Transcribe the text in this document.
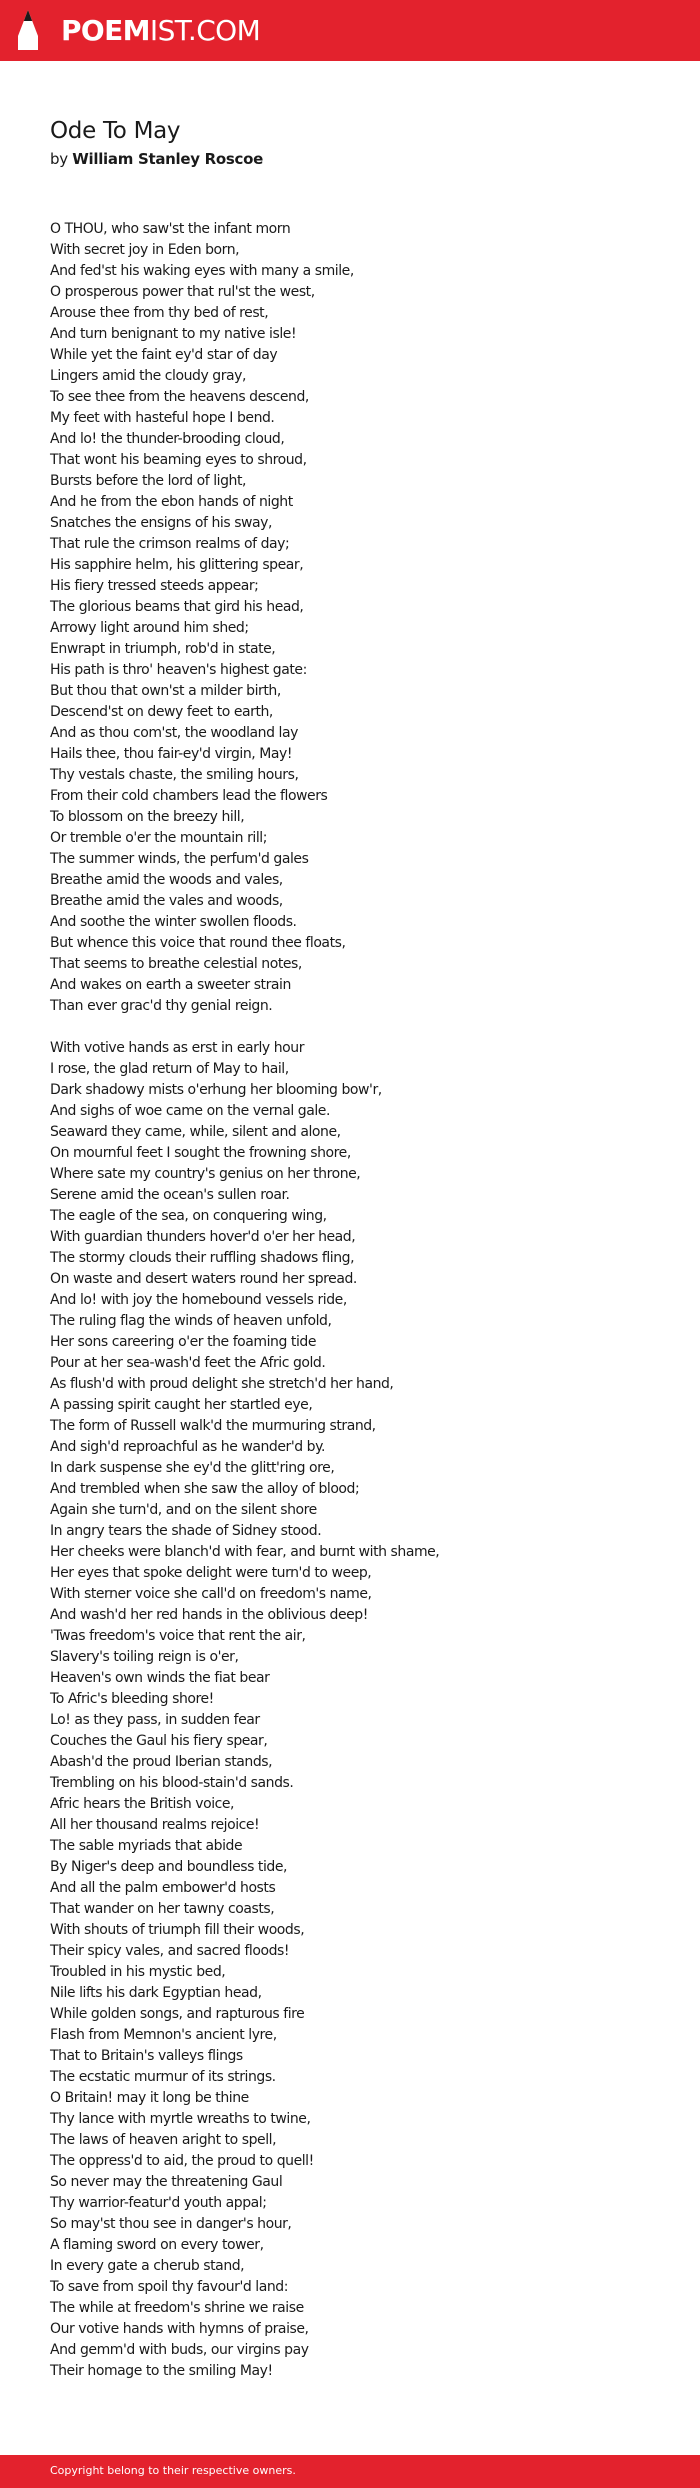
POEMIST.COM
Ode To May
by William Stanley Roscoe
O THOU, who saw'st the infant morn
With secret joy in Eden born,
And fed'st his waking eyes with many a smile,
O prosperous power that rul'st the west,
Arouse thee from thy bed of rest,
And turn benignant to my native isle!
While yet the faint ey'd star of day
Lingers amid the cloudy gray,
To see thee from the heavens descend,
My feet with hasteful hope I bend.
And lo! the thunder-brooding cloud,
That wont his beaming eyes to shroud,
Bursts before the lord of light,
And he from the ebon hands of night
Snatches the ensigns of his sway,
That rule the crimson realms of day;
His sapphire helm, his glittering spear,
His fiery tressed steeds appear;
The glorious beams that gird his head,
Arrowy light around him shed;
Enwrapt in triumph, rob'd in state,
His path is thro' heaven's highest gate:
But thou that own'st a milder birth,
Descend'st on dewy feet to earth,
And as thou com'st, the woodland lay
Hails thee, thou fair-ey'd virgin, May!
Thy vestals chaste, the smiling hours,
From their cold chambers lead the flowers
To blossom on the breezy hill,
Or tremble o'er the mountain rill;
The summer winds, the perfum'd gales
Breathe amid the woods and vales,
Breathe amid the vales and woods,
And soothe the winter swollen floods.
But whence this voice that round thee floats,
That seems to breathe celestial notes,
And wakes on earth a sweeter strain
Than ever grac'd thy genial reign.
With votive hands as erst in early hour
I rose, the glad return of May to hail,
Dark shadowy mists o'erhung her blooming bow'r,
And sighs of woe came on the vernal gale.
Seaward they came, while, silent and alone,
On mournful feet I sought the frowning shore,
Where sate my country's genius on her throne,
Serene amid the ocean's sullen roar.
The eagle of the sea, on conquering wing,
With guardian thunders hover'd o'er her head,
The stormy clouds their ruffling shadows fling,
On waste and desert waters round her spread.
And lo! with joy the homebound vessels ride,
The ruling flag the winds of heaven unfold,
Her sons careering o'er the foaming tide
Pour at her sea-wash'd feet the Afric gold.
As flush'd with proud delight she stretch'd her hand,
A passing spirit caught her startled eye,
The form of Russell walk'd the murmuring strand,
And sigh'd reproachful as he wander'd by.
In dark suspense she ey'd the glitt'ring ore,
And trembled when she saw the alloy of blood;
Again she turn'd, and on the silent shore
In angry tears the shade of Sidney stood.
Her cheeks were blanch'd with fear, and burnt with shame,
Her eyes that spoke delight were turn'd to weep,
With sterner voice she call'd on freedom's name,
And wash'd her red hands in the oblivious deep!
'Twas freedom's voice that rent the air,
Slavery's toiling reign is o'er,
Heaven's own winds the fiat bear
To Afric's bleeding shore!
Lo! as they pass, in sudden fear
Couches the Gaul his fiery spear,
Abash'd the proud Iberian stands,
Trembling on his blood-stain'd sands.
Afric hears the British voice,
All her thousand realms rejoice!
The sable myriads that abide
By Niger's deep and boundless tide,
And all the palm embower'd hosts
That wander on her tawny coasts,
With shouts of triumph fill their woods,
Their spicy vales, and sacred floods!
Troubled in his mystic bed,
Nile lifts his dark Egyptian head,
While golden songs, and rapturous fire
Flash from Memnon's ancient lyre,
That to Britain's valleys flings
The ecstatic murmur of its strings.
O Britain! may it long be thine
Thy lance with myrtle wreaths to twine,
The laws of heaven aright to spell,
The oppress'd to aid, the proud to quell!
So never may the threatening Gaul
Thy warrior-featur'd youth appal;
So may'st thou see in danger's hour,
A flaming sword on every tower,
In every gate a cherub stand,
To save from spoil thy favour'd land:
The while at freedom's shrine we raise
Our votive hands with hymns of praise,
And gemm'd with buds, our virgins pay
Their homage to the smiling May!
Copyright belong to their respective owners.
